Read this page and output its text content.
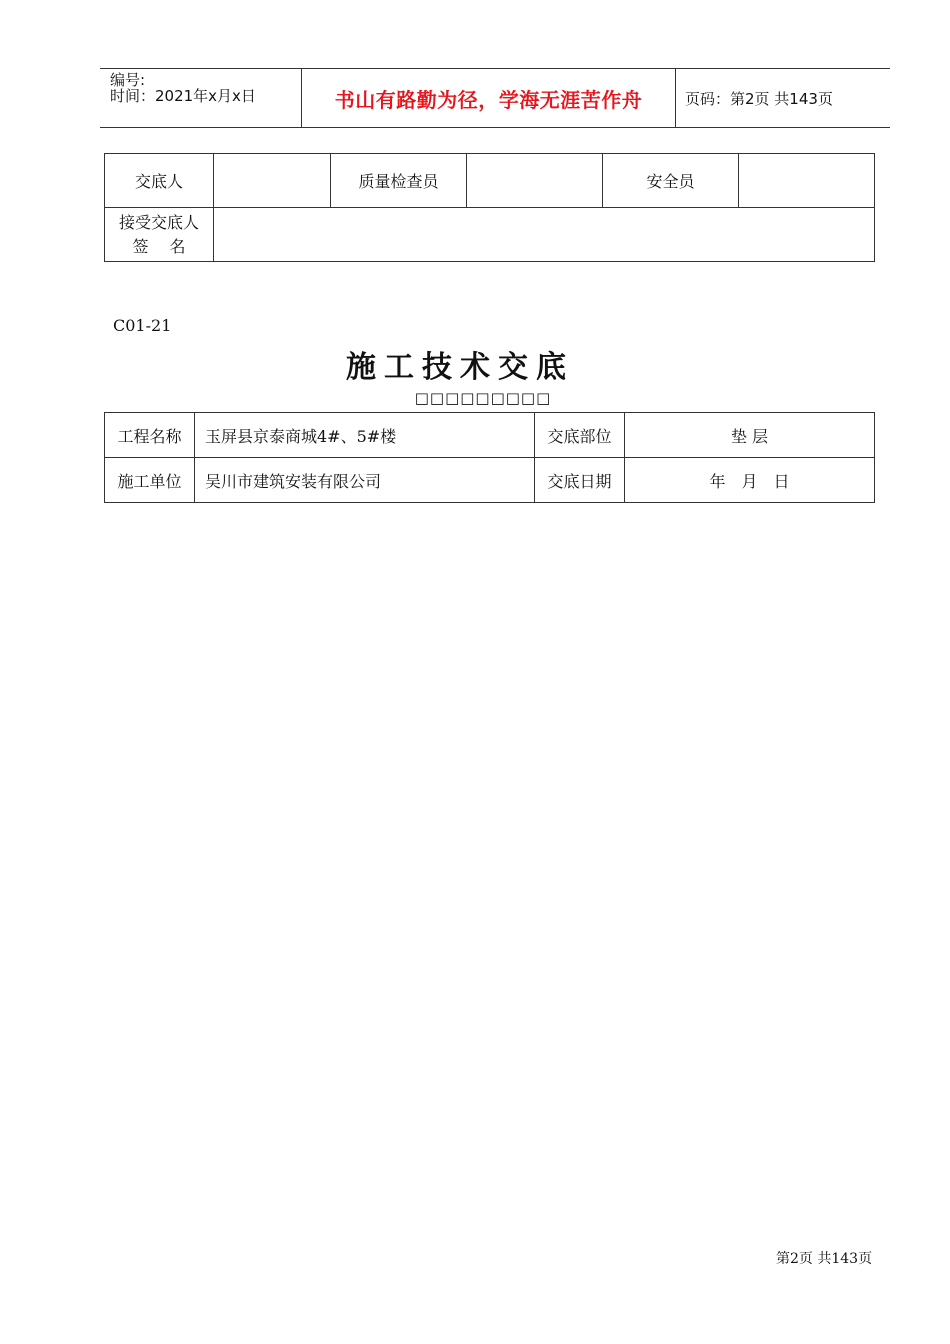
编号:
时间：2021年x月x日	书山有路勤为径，学海无涯苦作舟	页码：第2页 共143页
交底人		质量检查员		安全员	

接受交底人
签　 名					

C01-21
施工技术交底
□□□□□□□□□
工程名称	玉屏县京泰商城4#、5#楼	交底部位	垫 层
施工单位	吴川市建筑安装有限公司	交底日期	年　月　日
第2页 共143页
